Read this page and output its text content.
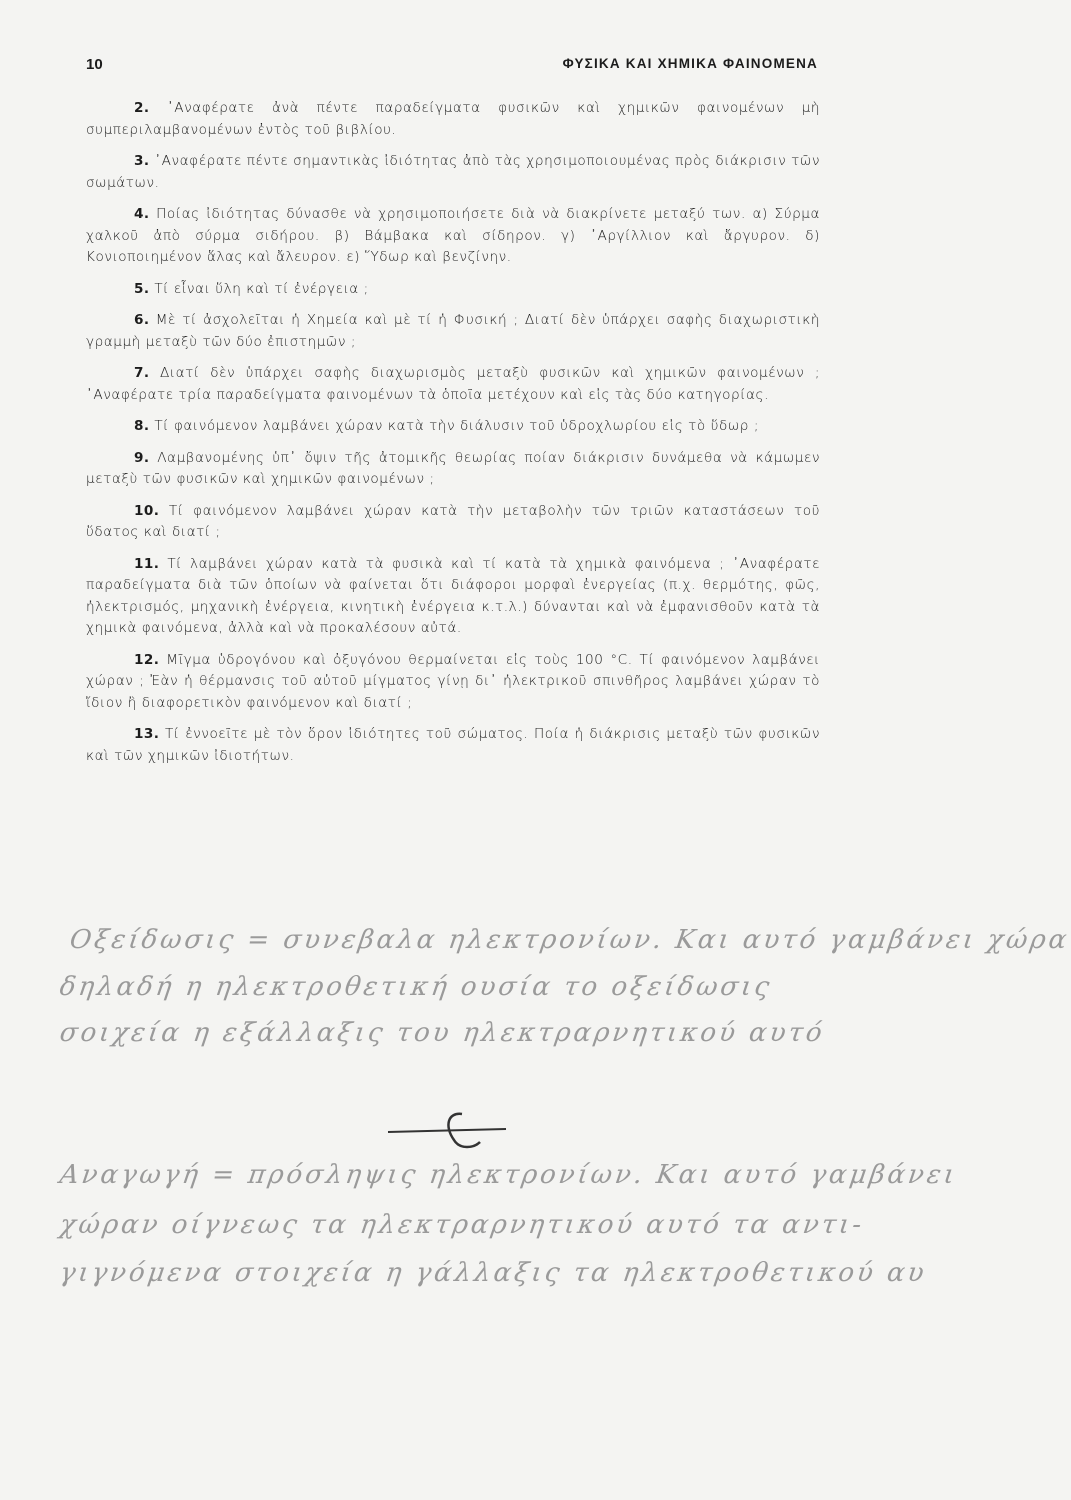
10	ΦΥΣΙΚΑ ΚΑΙ ΧΗΜΙΚΑ ΦΑΙΝΟΜΕΝΑ

2. ᾿Αναφέρατε ἀνὰ πέντε παραδείγματα φυσικῶν καὶ χημικῶν φαινομένων μὴ συμπεριλαμβανομένων ἐντὸς τοῦ βιβλίου.

3. ᾿Αναφέρατε πέντε σημαντικὰς ἰδιότητας ἀπὸ τὰς χρησιμοποιουμένας πρὸς διάκρισιν τῶν σωμάτων.

4. Ποίας ἰδιότητας δύνασθε νὰ χρησιμοποιήσετε διὰ νὰ διακρίνετε μεταξύ των. α) Σύρμα χαλκοῦ ἀπὸ σύρμα σιδήρου. β) Βάμβακα καὶ σίδηρον. γ) ᾿Αργίλλιον καὶ ἄργυρον. δ) Κονιοποιημένον ἅλας καὶ ἄλευρον. ε) Ὕδωρ καὶ βενζίνην.

5. Τί εἶναι ὕλη καὶ τί ἐνέργεια ;

6. Μὲ τί ἀσχολεῖται ἡ Χημεία καὶ μὲ τί ἡ Φυσική ; Διατί δὲν ὑπάρχει σαφὴς διαχωριστικὴ γραμμὴ μεταξὺ τῶν δύο ἐπιστημῶν ;

7. Διατί δὲν ὑπάρχει σαφὴς διαχωρισμὸς μεταξὺ φυσικῶν καὶ χημικῶν φαινομένων ; ᾿Αναφέρατε τρία παραδείγματα φαινομένων τὰ ὁποῖα μετέχουν καὶ εἰς τὰς δύο κατηγορίας.

8. Τί φαινόμενον λαμβάνει χώραν κατὰ τὴν διάλυσιν τοῦ ὑδροχλωρίου εἰς τὸ ὕδωρ ;

9. Λαμβανομένης ὑπ᾿ ὄψιν τῆς ἀτομικῆς θεωρίας ποίαν διάκρισιν δυνάμεθα νὰ κάμωμεν μεταξὺ τῶν φυσικῶν καὶ χημικῶν φαινομένων ;

10. Τί φαινόμενον λαμβάνει χώραν κατὰ τὴν μεταβολὴν τῶν τριῶν καταστάσεων τοῦ ὕδατος καὶ διατί ;

11. Τί λαμβάνει χώραν κατὰ τὰ φυσικὰ καὶ τί κατὰ τὰ χημικὰ φαινόμενα ; ᾿Αναφέρατε παραδείγματα διὰ τῶν ὁποίων νὰ φαίνεται ὅτι διάφοροι μορφαὶ ἐνεργείας (π.χ. θερμότης, φῶς, ἠλεκτρισμός, μηχανικὴ ἐνέργεια, κινητικὴ ἐνέργεια κ.τ.λ.) δύνανται καὶ νὰ ἐμφανισθοῦν κατὰ τὰ χημικὰ φαινόμενα, ἀλλὰ καὶ νὰ προκαλέσουν αὐτά.

12. Μῖγμα ὑδρογόνου καὶ ὀξυγόνου θερμαίνεται εἰς τοὺς 100 °C. Τί φαινόμενον λαμβάνει χώραν ; Ἐὰν ἡ θέρμανσις τοῦ αὐτοῦ μίγματος γίνῃ δι᾿ ἠλεκτρικοῦ σπινθῆρος λαμβάνει χώραν τὸ ἴδιον ἢ διαφορετικὸν φαινόμενον καὶ διατί ;

13. Τί ἐννοεῖτε μὲ τὸν ὅρον ἰδιότητες τοῦ σώματος. Ποία ἡ διάκρισις μεταξὺ τῶν φυσικῶν καὶ τῶν χημικῶν ἰδιοτήτων.

Οξείδωσις = συνεβαλα ηλεκτρονίων. Και αυτό γαμβάνει χώρα
δηλαδή η ηλεκτροθετική ουσία το οξείδωσις
σοιχεία η εξάλλαξις του ηλεκτραρνητικού αυτό
Αναγωγή = πρόσληψις ηλεκτρονίων. Και αυτό γαμβάνει
χώραν οίγνεως τα ηλεκτραρνητικού αυτό τα αντι-
γιγνόμενα στοιχεία η γάλλαξις τα ηλεκτροθετικού αυ
